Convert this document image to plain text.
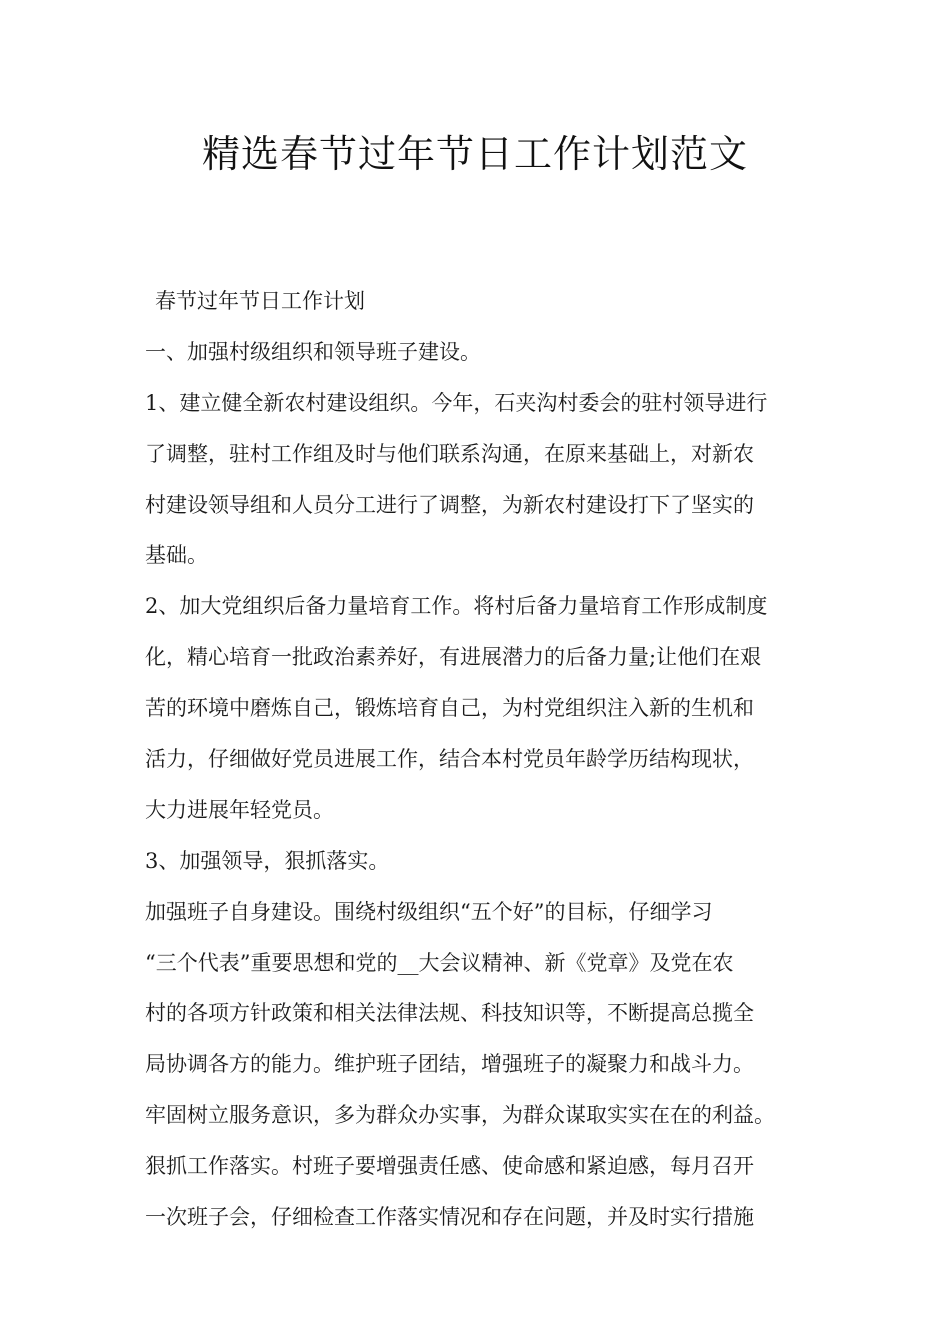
精选春节过年节日工作计划范文

春节过年节日工作计划

一、加强村级组织和领导班子建设。

1、建立健全新农村建设组织。今年，石夹沟村委会的驻村领导进行

了调整，驻村工作组及时与他们联系沟通，在原来基础上，对新农

村建设领导组和人员分工进行了调整，为新农村建设打下了坚实的

基础。

2、加大党组织后备力量培育工作。将村后备力量培育工作形成制度

化，精心培育一批政治素养好，有进展潜力的后备力量;让他们在艰

苦的环境中磨炼自己，锻炼培育自己，为村党组织注入新的生机和

活力，仔细做好党员进展工作，结合本村党员年龄学历结构现状，

大力进展年轻党员。

3、加强领导，狠抓落实。

加强班子自身建设。围绕村级组织“五个好”的目标，仔细学习

“三个代表”重要思想和党的__大会议精神、新《党章》及党在农

村的各项方针政策和相关法律法规、科技知识等，不断提高总揽全

局协调各方的能力。维护班子团结，增强班子的凝聚力和战斗力。

牢固树立服务意识，多为群众办实事，为群众谋取实实在在的利益。

狠抓工作落实。村班子要增强责任感、使命感和紧迫感，每月召开

一次班子会，仔细检查工作落实情况和存在问题，并及时实行措施
